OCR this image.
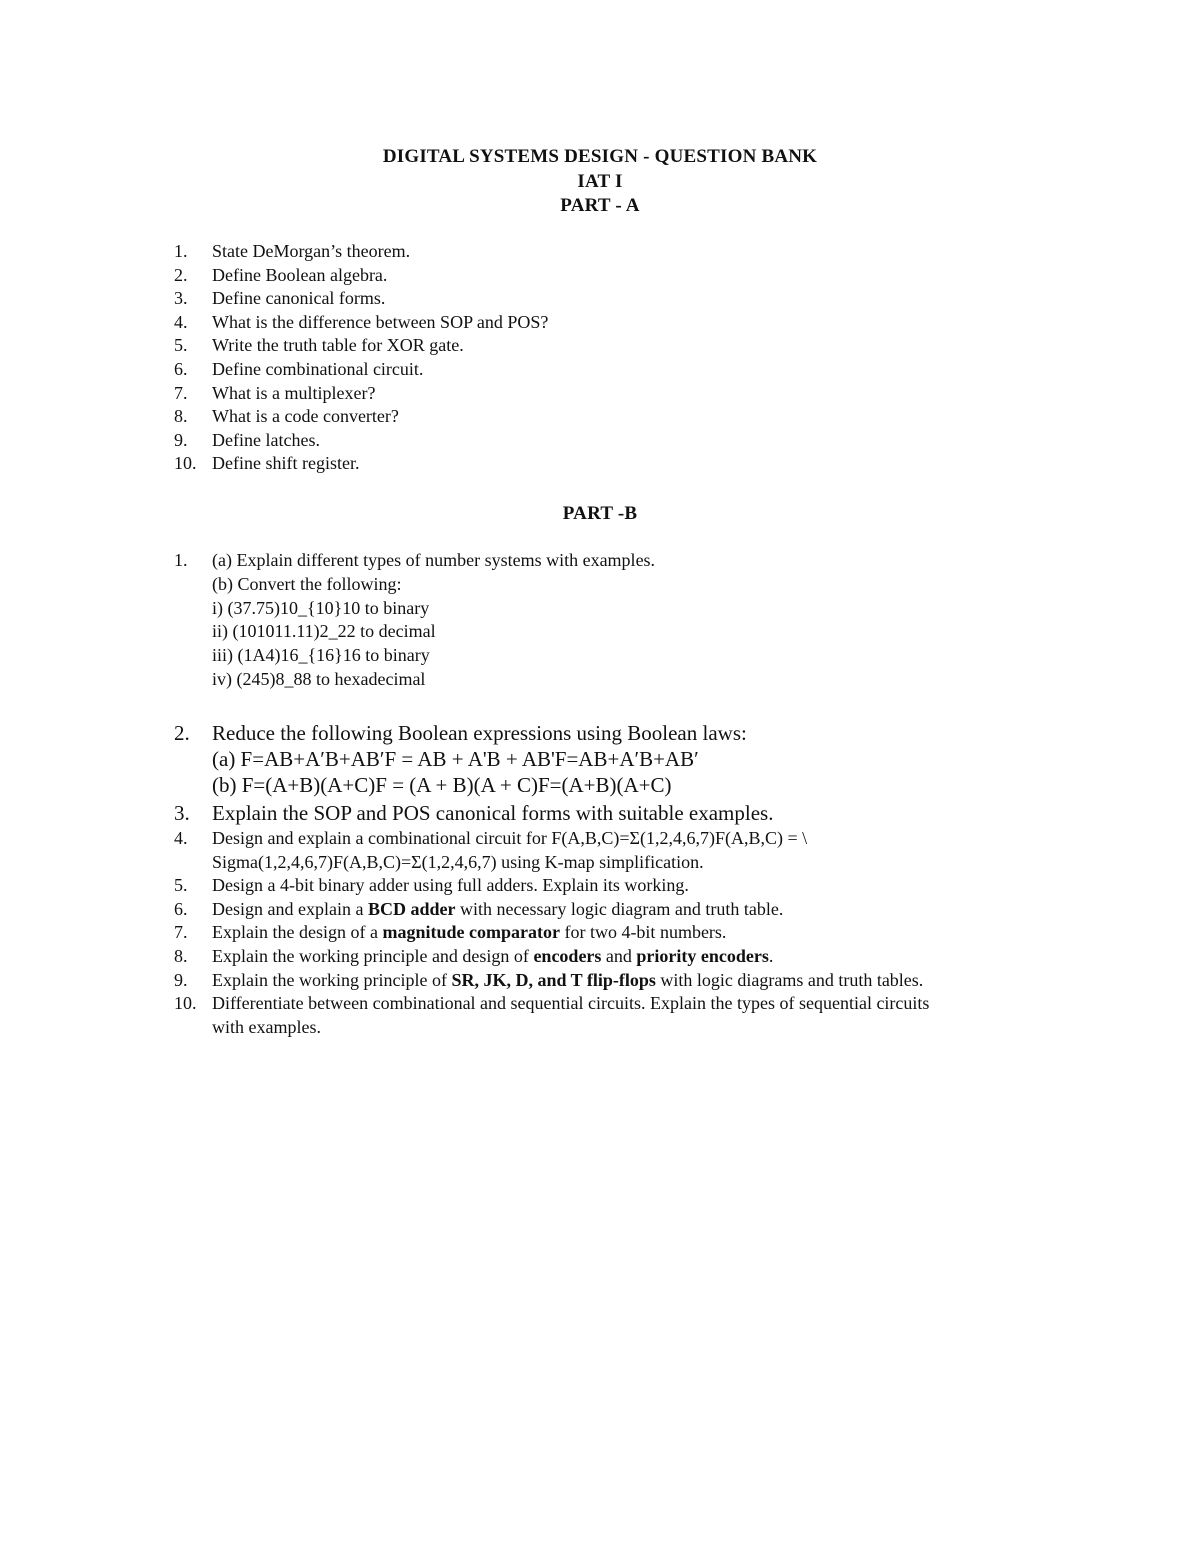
DIGITAL SYSTEMS DESIGN - QUESTION BANK
IAT I
PART - A
1. State DeMorgan’s theorem.
2. Define Boolean algebra.
3. Define canonical forms.
4. What is the difference between SOP and POS?
5. Write the truth table for XOR gate.
6. Define combinational circuit.
7. What is a multiplexer?
8. What is a code converter?
9. Define latches.
10. Define shift register.
PART -B
1. (a) Explain different types of number systems with examples.
(b) Convert the following:
i) (37.75)10_{10}10 to binary
ii) (101011.11)2_22 to decimal
iii) (1A4)16_{16}16 to binary
iv) (245)8_88 to hexadecimal
2. Reduce the following Boolean expressions using Boolean laws:
(a) F=AB+A′B+AB′F = AB + A'B + AB'F=AB+A′B+AB′
(b) F=(A+B)(A+C)F = (A + B)(A + C)F=(A+B)(A+C)
3. Explain the SOP and POS canonical forms with suitable examples.
4. Design and explain a combinational circuit for F(A,B,C)=Σ(1,2,4,6,7)F(A,B,C) = \
Sigma(1,2,4,6,7)F(A,B,C)=Σ(1,2,4,6,7) using K-map simplification.
5. Design a 4-bit binary adder using full adders. Explain its working.
6. Design and explain a BCD adder with necessary logic diagram and truth table.
7. Explain the design of a magnitude comparator for two 4-bit numbers.
8. Explain the working principle and design of encoders and priority encoders.
9. Explain the working principle of SR, JK, D, and T flip-flops with logic diagrams and truth tables.
10. Differentiate between combinational and sequential circuits. Explain the types of sequential circuits
with examples.
